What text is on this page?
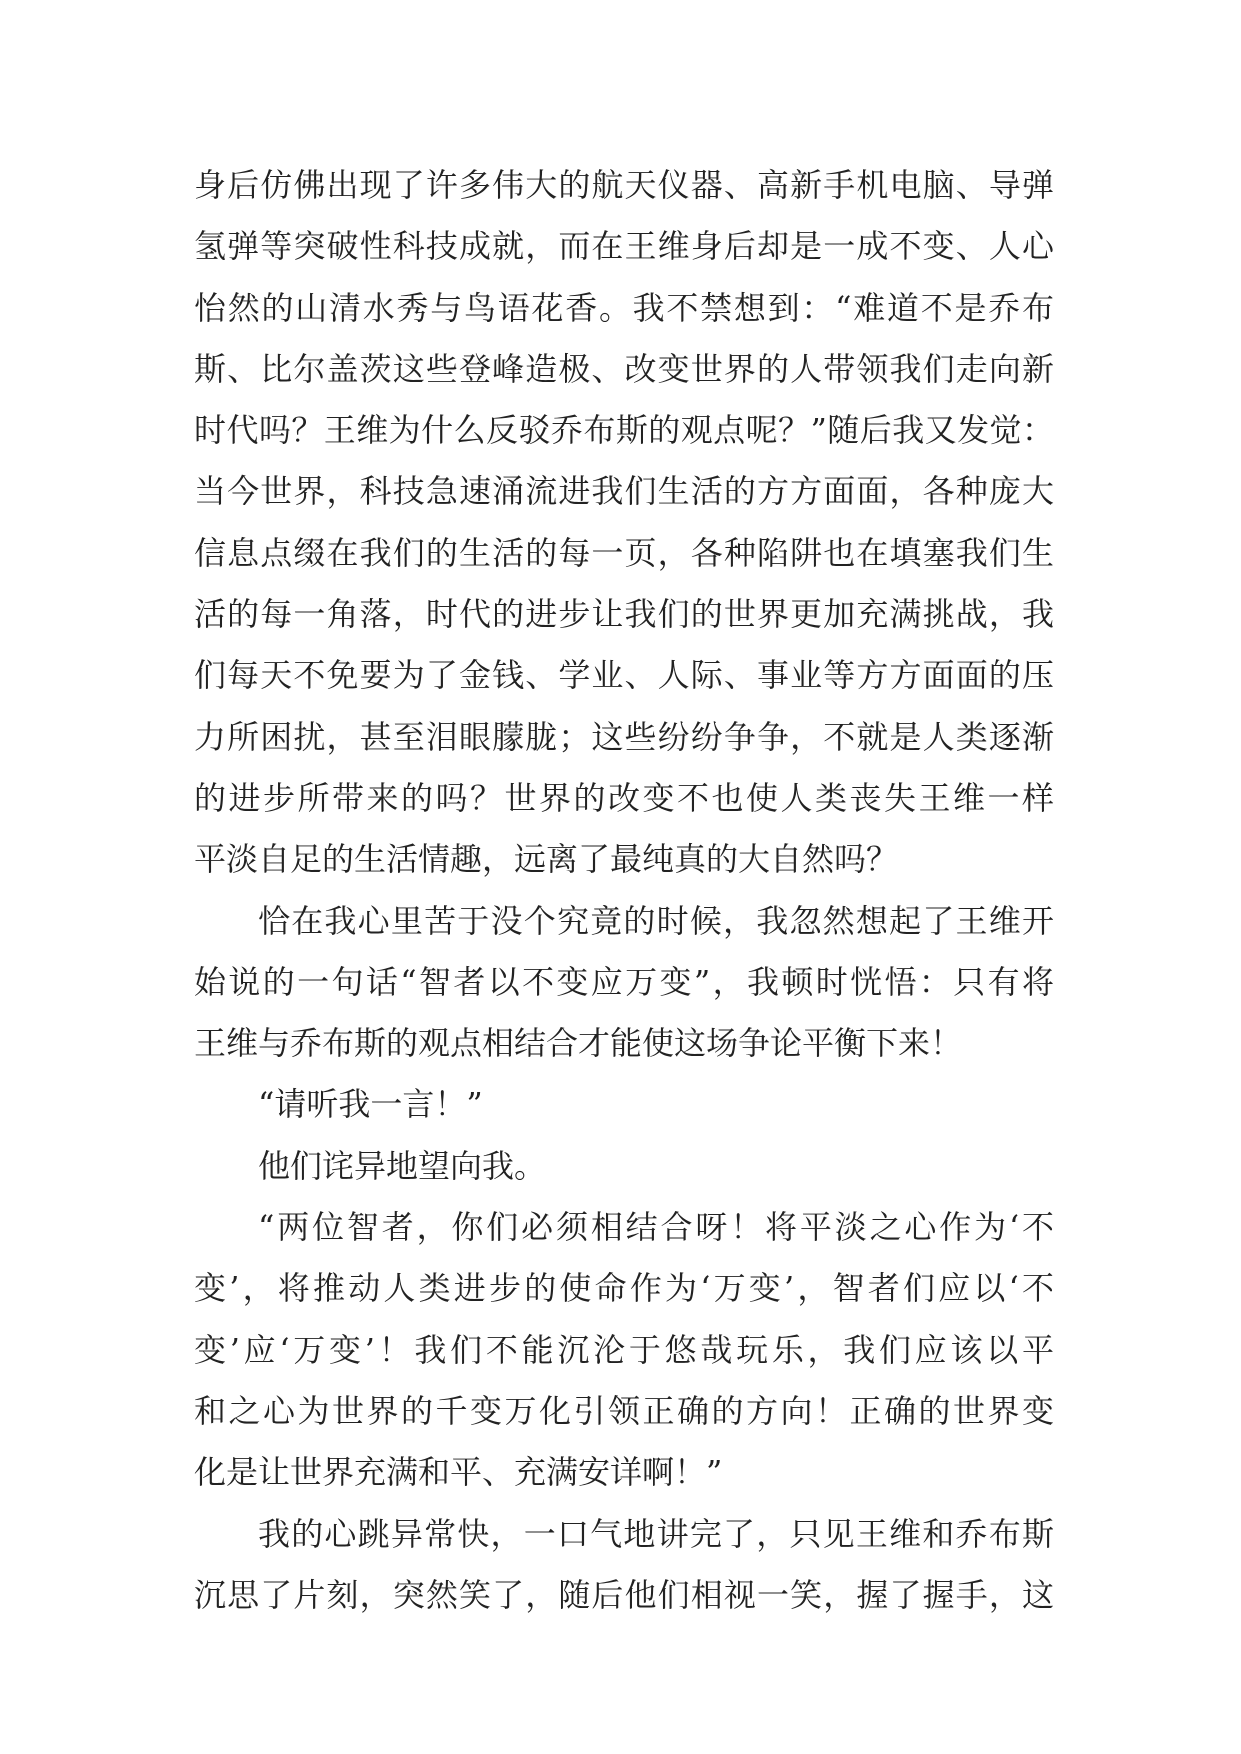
身后仿佛出现了许多伟大的航天仪器、高新手机电脑、导弹
氢弹等突破性科技成就，而在王维身后却是一成不变、人心
怡然的山清水秀与鸟语花香。我不禁想到：“难道不是乔布
斯、比尔盖茨这些登峰造极、改变世界的人带领我们走向新
时代吗？王维为什么反驳乔布斯的观点呢？”随后我又发觉：
当今世界，科技急速涌流进我们生活的方方面面，各种庞大
信息点缀在我们的生活的每一页，各种陷阱也在填塞我们生
活的每一角落，时代的进步让我们的世界更加充满挑战，我
们每天不免要为了金钱、学业、人际、事业等方方面面的压
力所困扰，甚至泪眼朦胧；这些纷纷争争，不就是人类逐渐
的进步所带来的吗？世界的改变不也使人类丧失王维一样
平淡自足的生活情趣，远离了最纯真的大自然吗？
恰在我心里苦于没个究竟的时候，我忽然想起了王维开
始说的一句话“智者以不变应万变”，我顿时恍悟：只有将
王维与乔布斯的观点相结合才能使这场争论平衡下来！
“请听我一言！”
他们诧异地望向我。
“两位智者，你们必须相结合呀！将平淡之心作为‘不
变’，将推动人类进步的使命作为‘万变’，智者们应以‘不
变’应‘万变’！我们不能沉沦于悠哉玩乐，我们应该以平
和之心为世界的千变万化引领正确的方向！正确的世界变
化是让世界充满和平、充满安详啊！”
我的心跳异常快，一口气地讲完了，只见王维和乔布斯
沉思了片刻，突然笑了，随后他们相视一笑，握了握手，这
